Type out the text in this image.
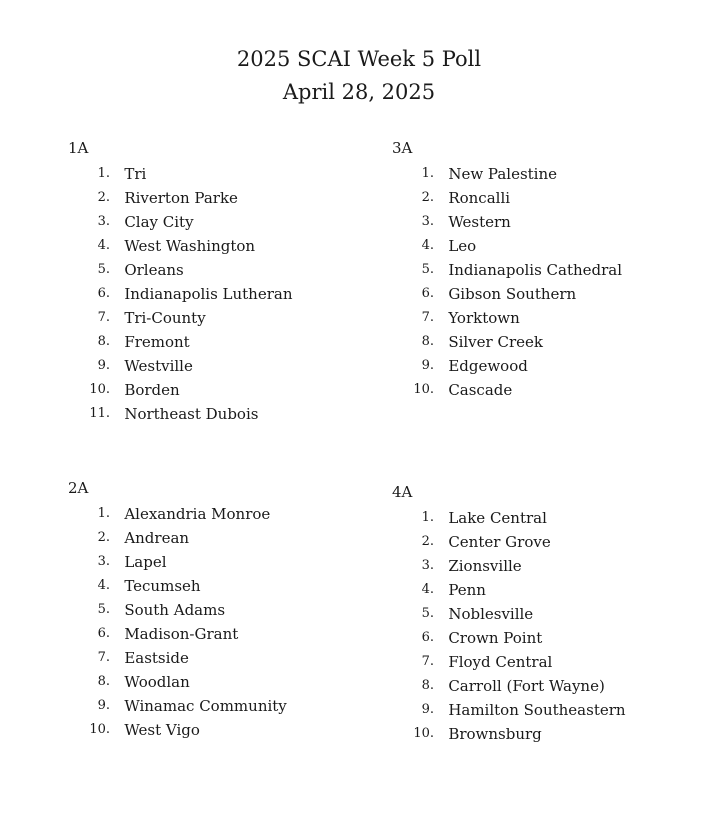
2025 SCAI Week 5 Poll
April 28, 2025
1A
1 .
Tri
2 .
Riverton Parke
3 .
Clay City
4 .
West Washington
5 .
Orleans
6 .
Indianapolis Lutheran
7 .
Tri-County
8 .
Fremont
9 .
Westville
10 .
Borden
11 .
Northeast Dubois
3A
1 .
New Palestine
2 .
Roncalli
3 .
Western
4 .
Leo
5 .
Indianapolis Cathedral
6 .
Gibson Southern
7 .
Yorktown
8 .
Silver Creek
9 .
Edgewood
10 .
Cascade
2A
1 .
Alexandria Monroe
2 .
Andrean
3 .
Lapel
4 .
Tecumseh
5 .
South Adams
6 .
Madison-Grant
7 .
Eastside
8 .
Woodlan
9 .
Winamac Community
10 .
West Vigo
4A
1 .
Lake Central
2 .
Center Grove
3 .
Zionsville
4 .
Penn
5 .
Noblesville
6 .
Crown Point
7 .
Floyd Central
8 .
Carroll (Fort Wayne)
9 .
Hamilton Southeastern
10 .
Brownsburg
